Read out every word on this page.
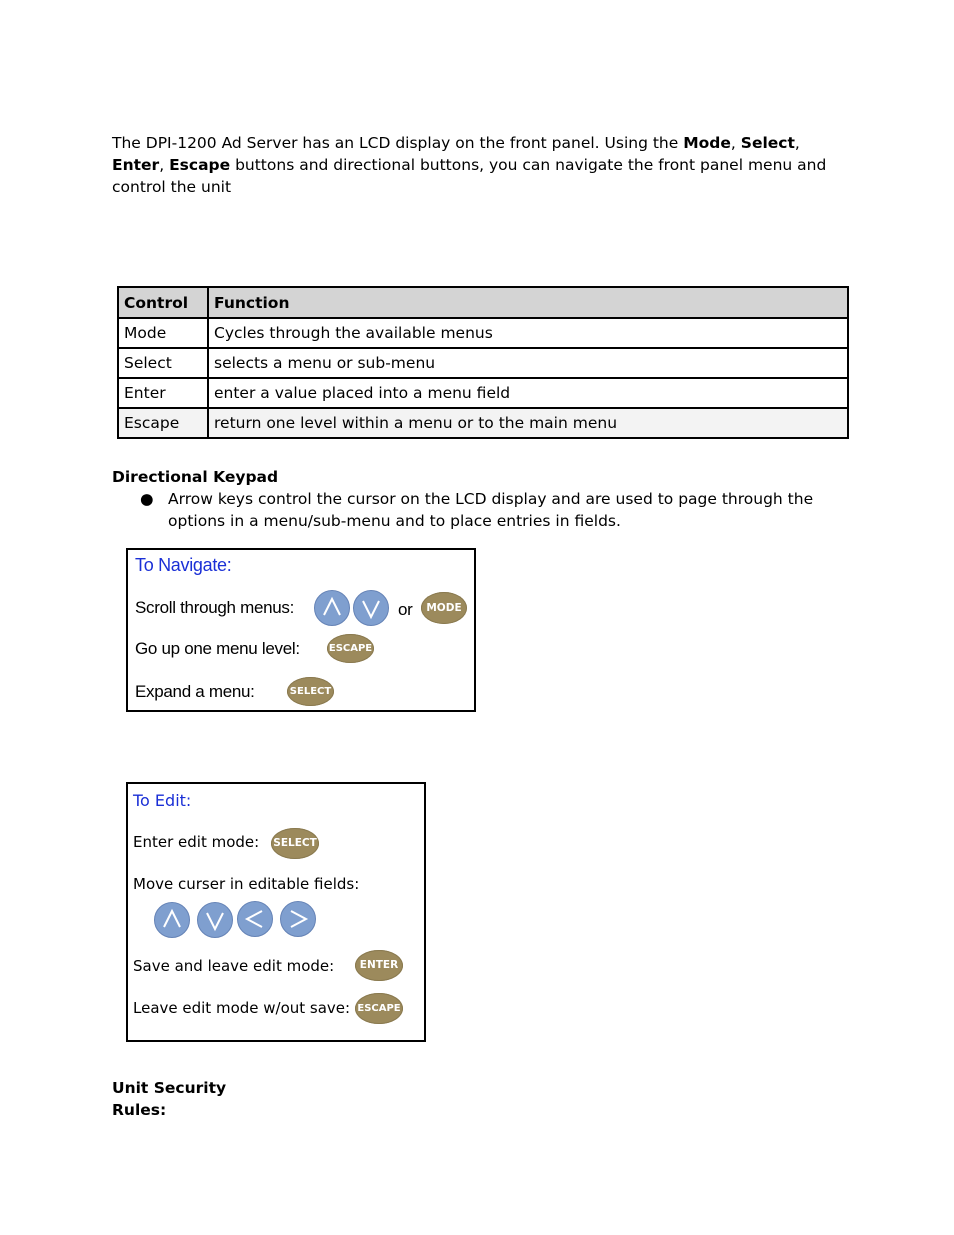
The DPI-1200 Ad Server has an LCD display on the front panel. Using the Mode, Select,
Enter, Escape buttons and directional buttons, you can navigate the front panel menu and
control the unit
Control	Function
Mode	Cycles through the available menus
Select	selects a menu or sub-menu
Enter	enter a value placed into a menu field
Escape	return one level within a menu or to the main menu
Directional Keypad
● Arrow keys control the cursor on the LCD display and are used to page through the
options in a menu/sub-menu and to place entries in fields.
To Navigate:
Scroll through menus:	or	MODE
Go up one menu level:	ESCAPE
Expand a menu:	SELECT
To Edit:
Enter edit mode: SELECT
Move curser in editable fields:
Save and leave edit mode:	ENTER
Leave edit mode w/out save: ESCAPE
Unit Security
Rules:
